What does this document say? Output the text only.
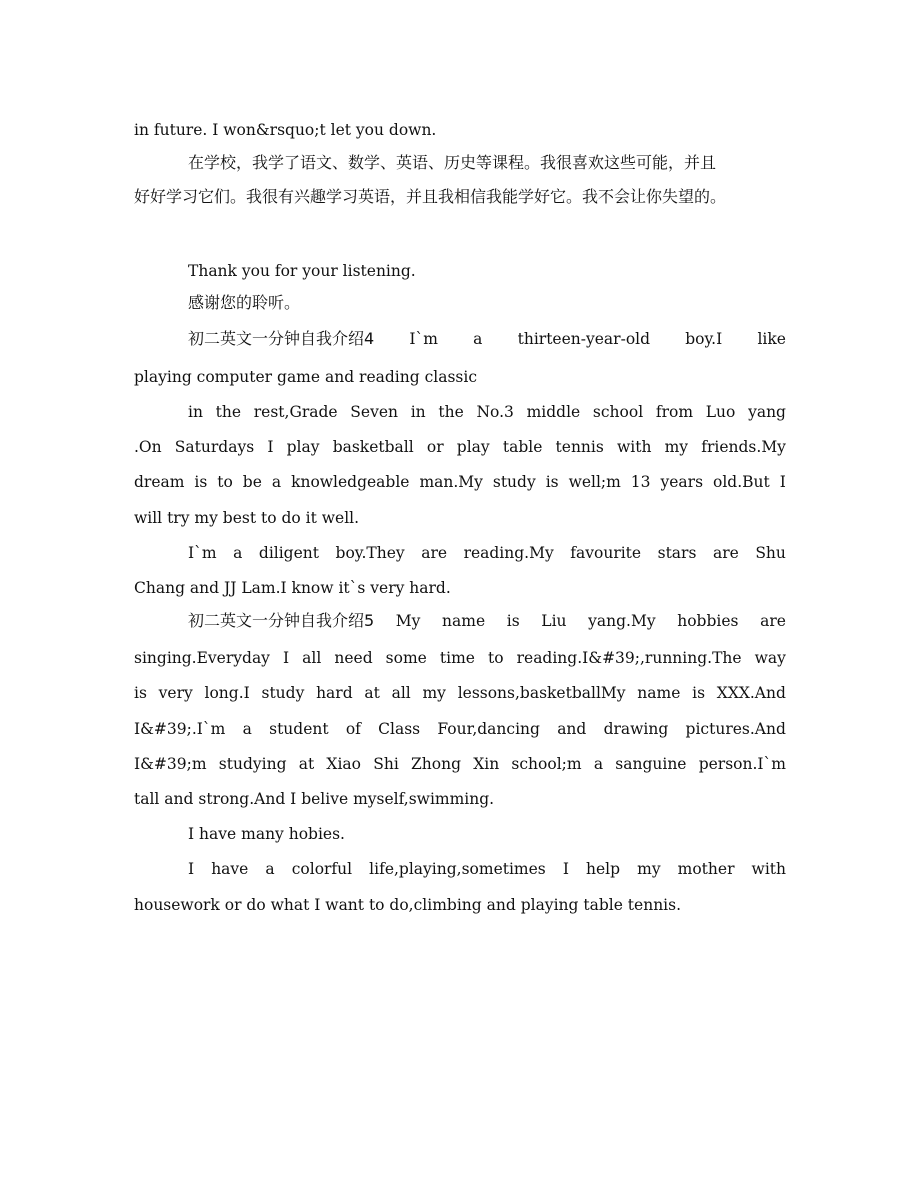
in future. I won&rsquo;t let you down.
在学校，我学了语文、数学、英语、历史等课程。我很喜欢这些可能，并且
好好学习它们。我很有兴趣学习英语，并且我相信我能学好它。我不会让你失望的。
Thank you for your listening.
感谢您的聆听。
初二英文一分钟自我介绍4 I`m a thirteen-year-old boy.I like
playing computer game and reading classic
in the rest,Grade Seven in the No.3 middle school from Luo yang
.On Saturdays I play basketball or play table tennis with my friends.My
dream is to be a knowledgeable man.My study is well;m 13 years old.But I
will try my best to do it well.
I`m a diligent boy.They are reading.My favourite stars are Shu
Chang and JJ Lam.I know it`s very hard.
初二英文一分钟自我介绍5 My name is Liu yang.My hobbies are
singing.Everyday I all need some time to reading.I&#39;,running.The way
is very long.I study hard at all my lessons,basketballMy name is XXX.And
I&#39;.I`m a student of Class Four,dancing and drawing pictures.And
I&#39;m studying at Xiao Shi Zhong Xin school;m a sanguine person.I`m
tall and strong.And I belive myself,swimming.
I have many hobies.
I have a colorful life,playing,sometimes I help my mother with
housework or do what I want to do,climbing and playing table tennis.
